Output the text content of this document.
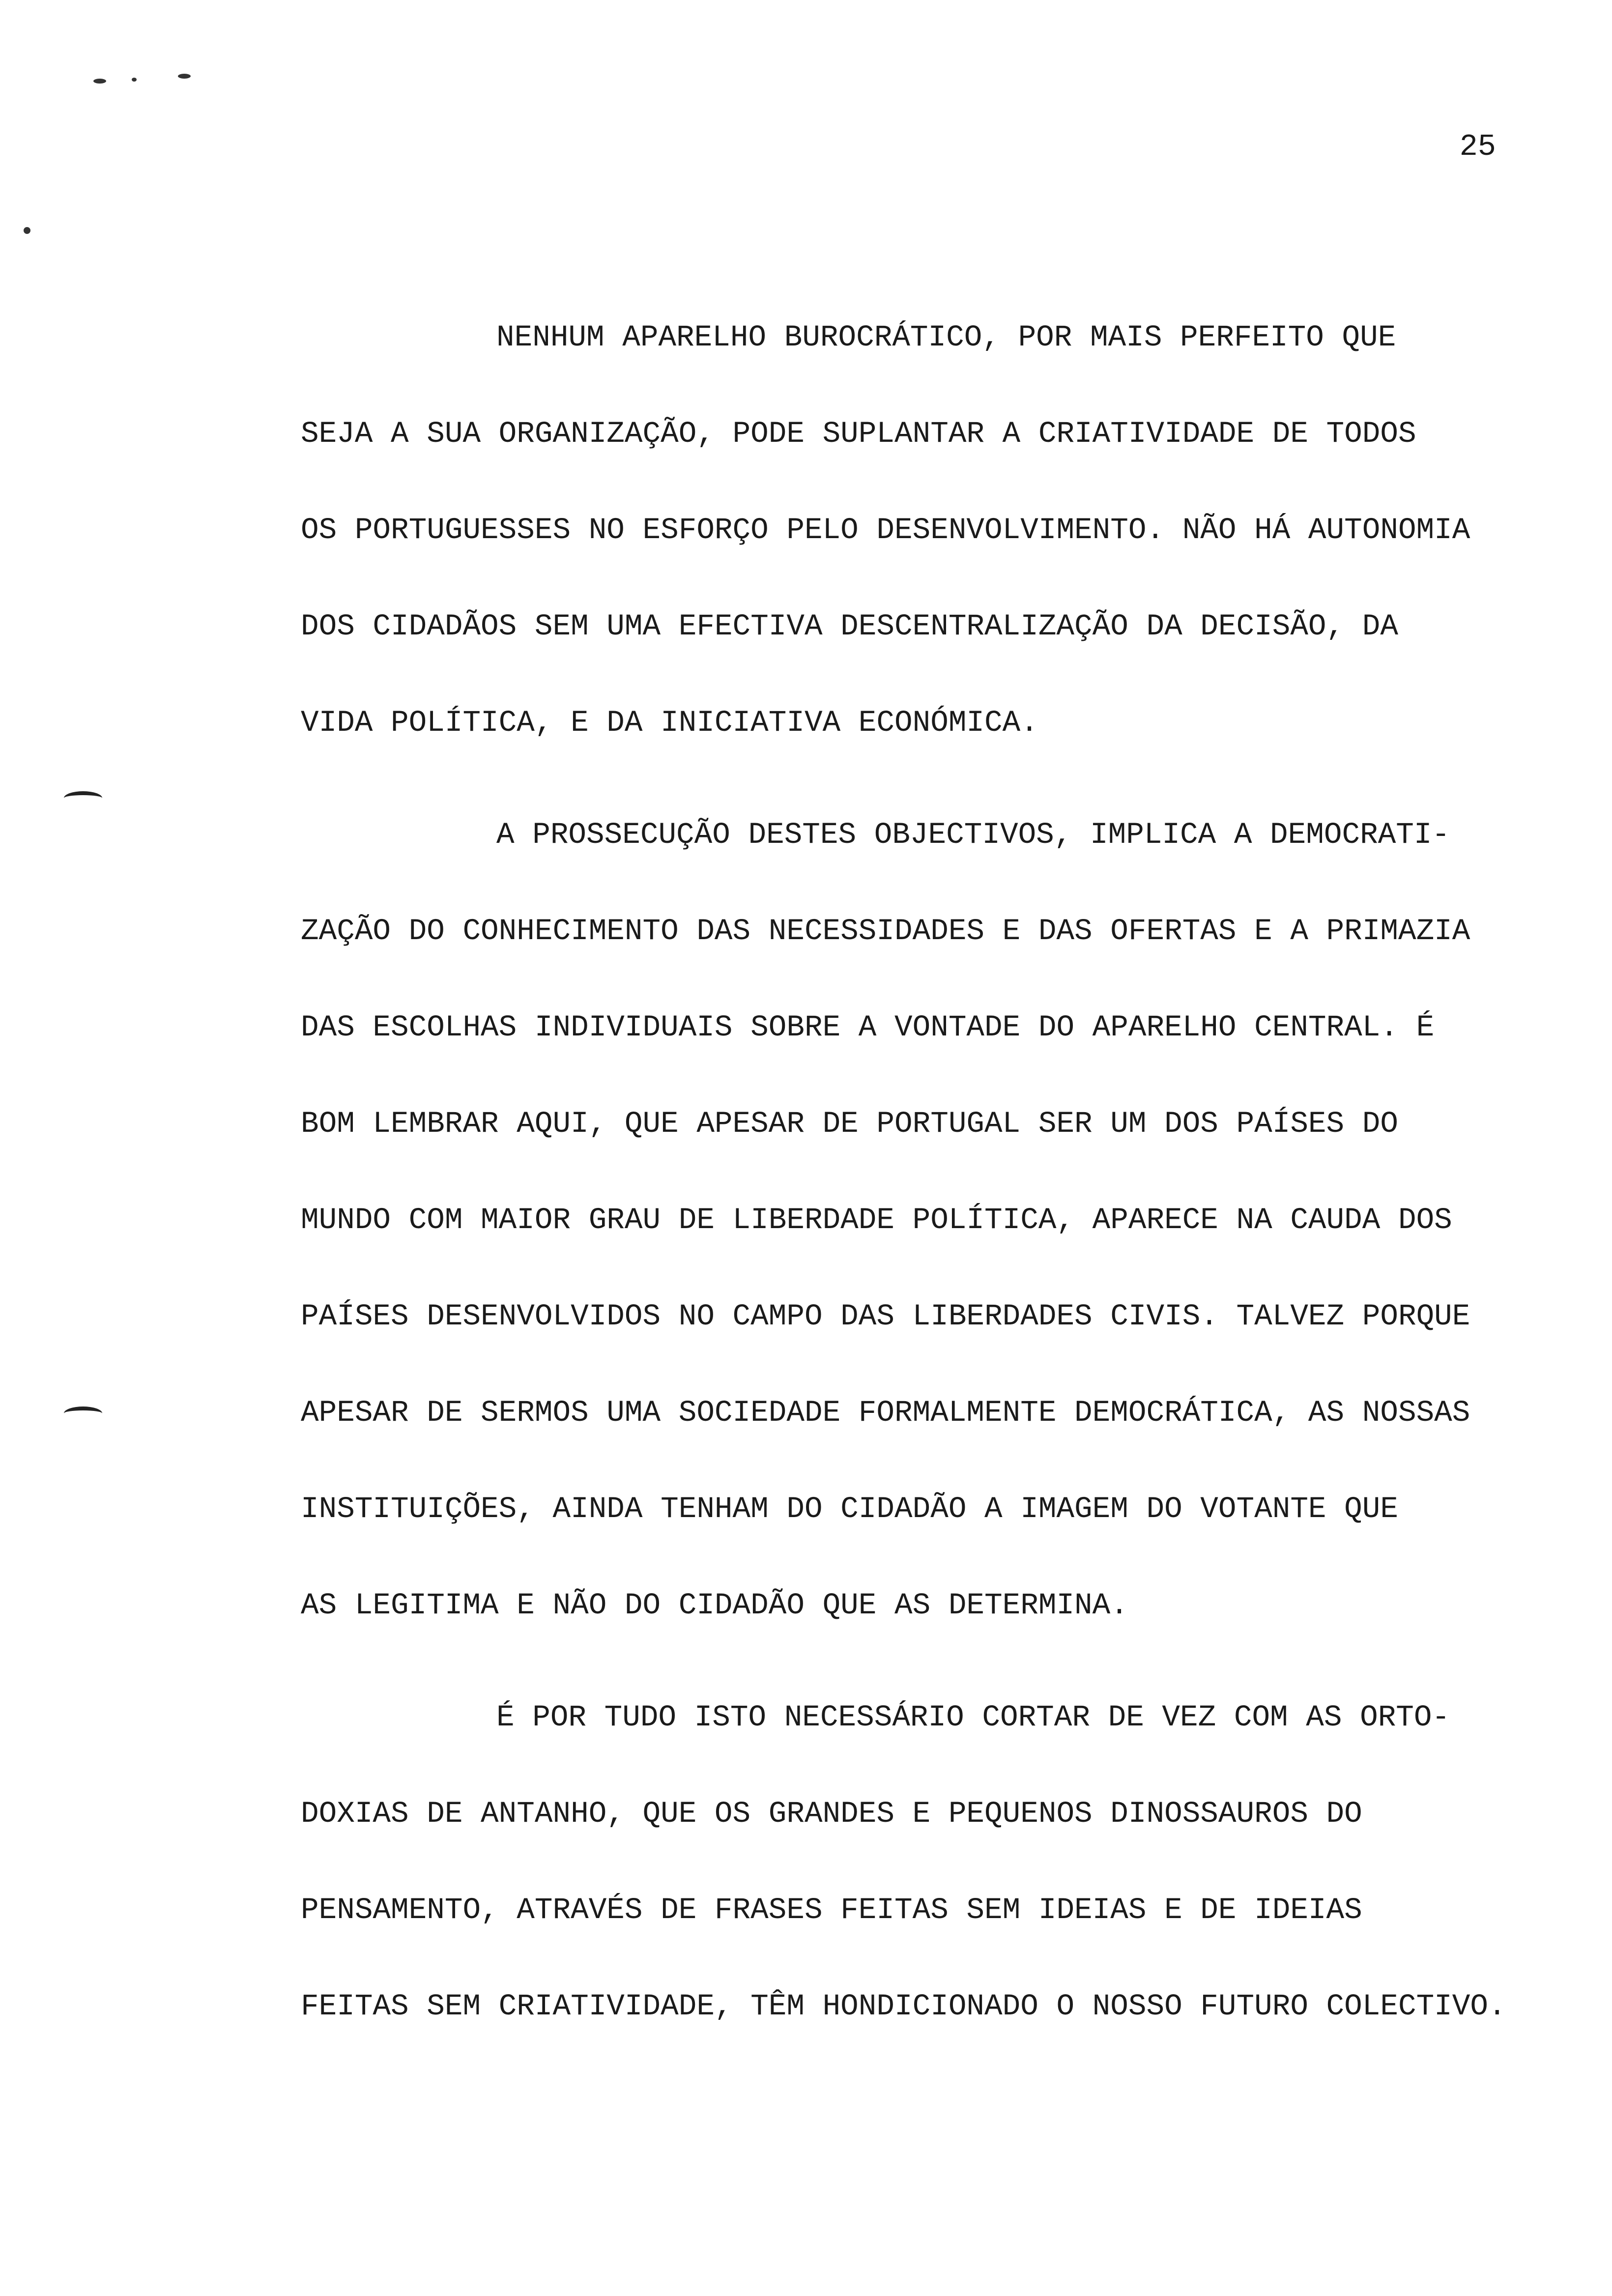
25
NENHUM APARELHO BUROCRÁTICO, POR MAIS PERFEITO QUE
SEJA A SUA ORGANIZAÇÃO, PODE SUPLANTAR A CRIATIVIDADE DE TODOS
OS PORTUGUESSES NO ESFORÇO PELO DESENVOLVIMENTO. NÃO HÁ AUTONOMIA
DOS CIDADÃOS SEM UMA EFECTIVA DESCENTRALIZAÇÃO DA DECISÃO, DA
VIDA POLÍTICA, E DA INICIATIVA ECONÓMICA.
A PROSSECUÇÃO DESTES OBJECTIVOS, IMPLICA A DEMOCRATI-
ZAÇÃO DO CONHECIMENTO DAS NECESSIDADES E DAS OFERTAS E A PRIMAZIA
DAS ESCOLHAS INDIVIDUAIS SOBRE A VONTADE DO APARELHO CENTRAL. É
BOM LEMBRAR AQUI, QUE APESAR DE PORTUGAL SER UM DOS PAÍSES DO
MUNDO COM MAIOR GRAU DE LIBERDADE POLÍTICA, APARECE NA CAUDA DOS
PAÍSES DESENVOLVIDOS NO CAMPO DAS LIBERDADES CIVIS. TALVEZ PORQUE
APESAR DE SERMOS UMA SOCIEDADE FORMALMENTE DEMOCRÁTICA, AS NOSSAS
INSTITUIÇÕES, AINDA TENHAM DO CIDADÃO A IMAGEM DO VOTANTE QUE
AS LEGITIMA E NÃO DO CIDADÃO QUE AS DETERMINA.
É POR TUDO ISTO NECESSÁRIO CORTAR DE VEZ COM AS ORTO-
DOXIAS DE ANTANHO, QUE OS GRANDES E PEQUENOS DINOSSAUROS DO
PENSAMENTO, ATRAVÉS DE FRASES FEITAS SEM IDEIAS E DE IDEIAS
FEITAS SEM CRIATIVIDADE, TÊM HONDICIONADO O NOSSO FUTURO COLECTIVO.
